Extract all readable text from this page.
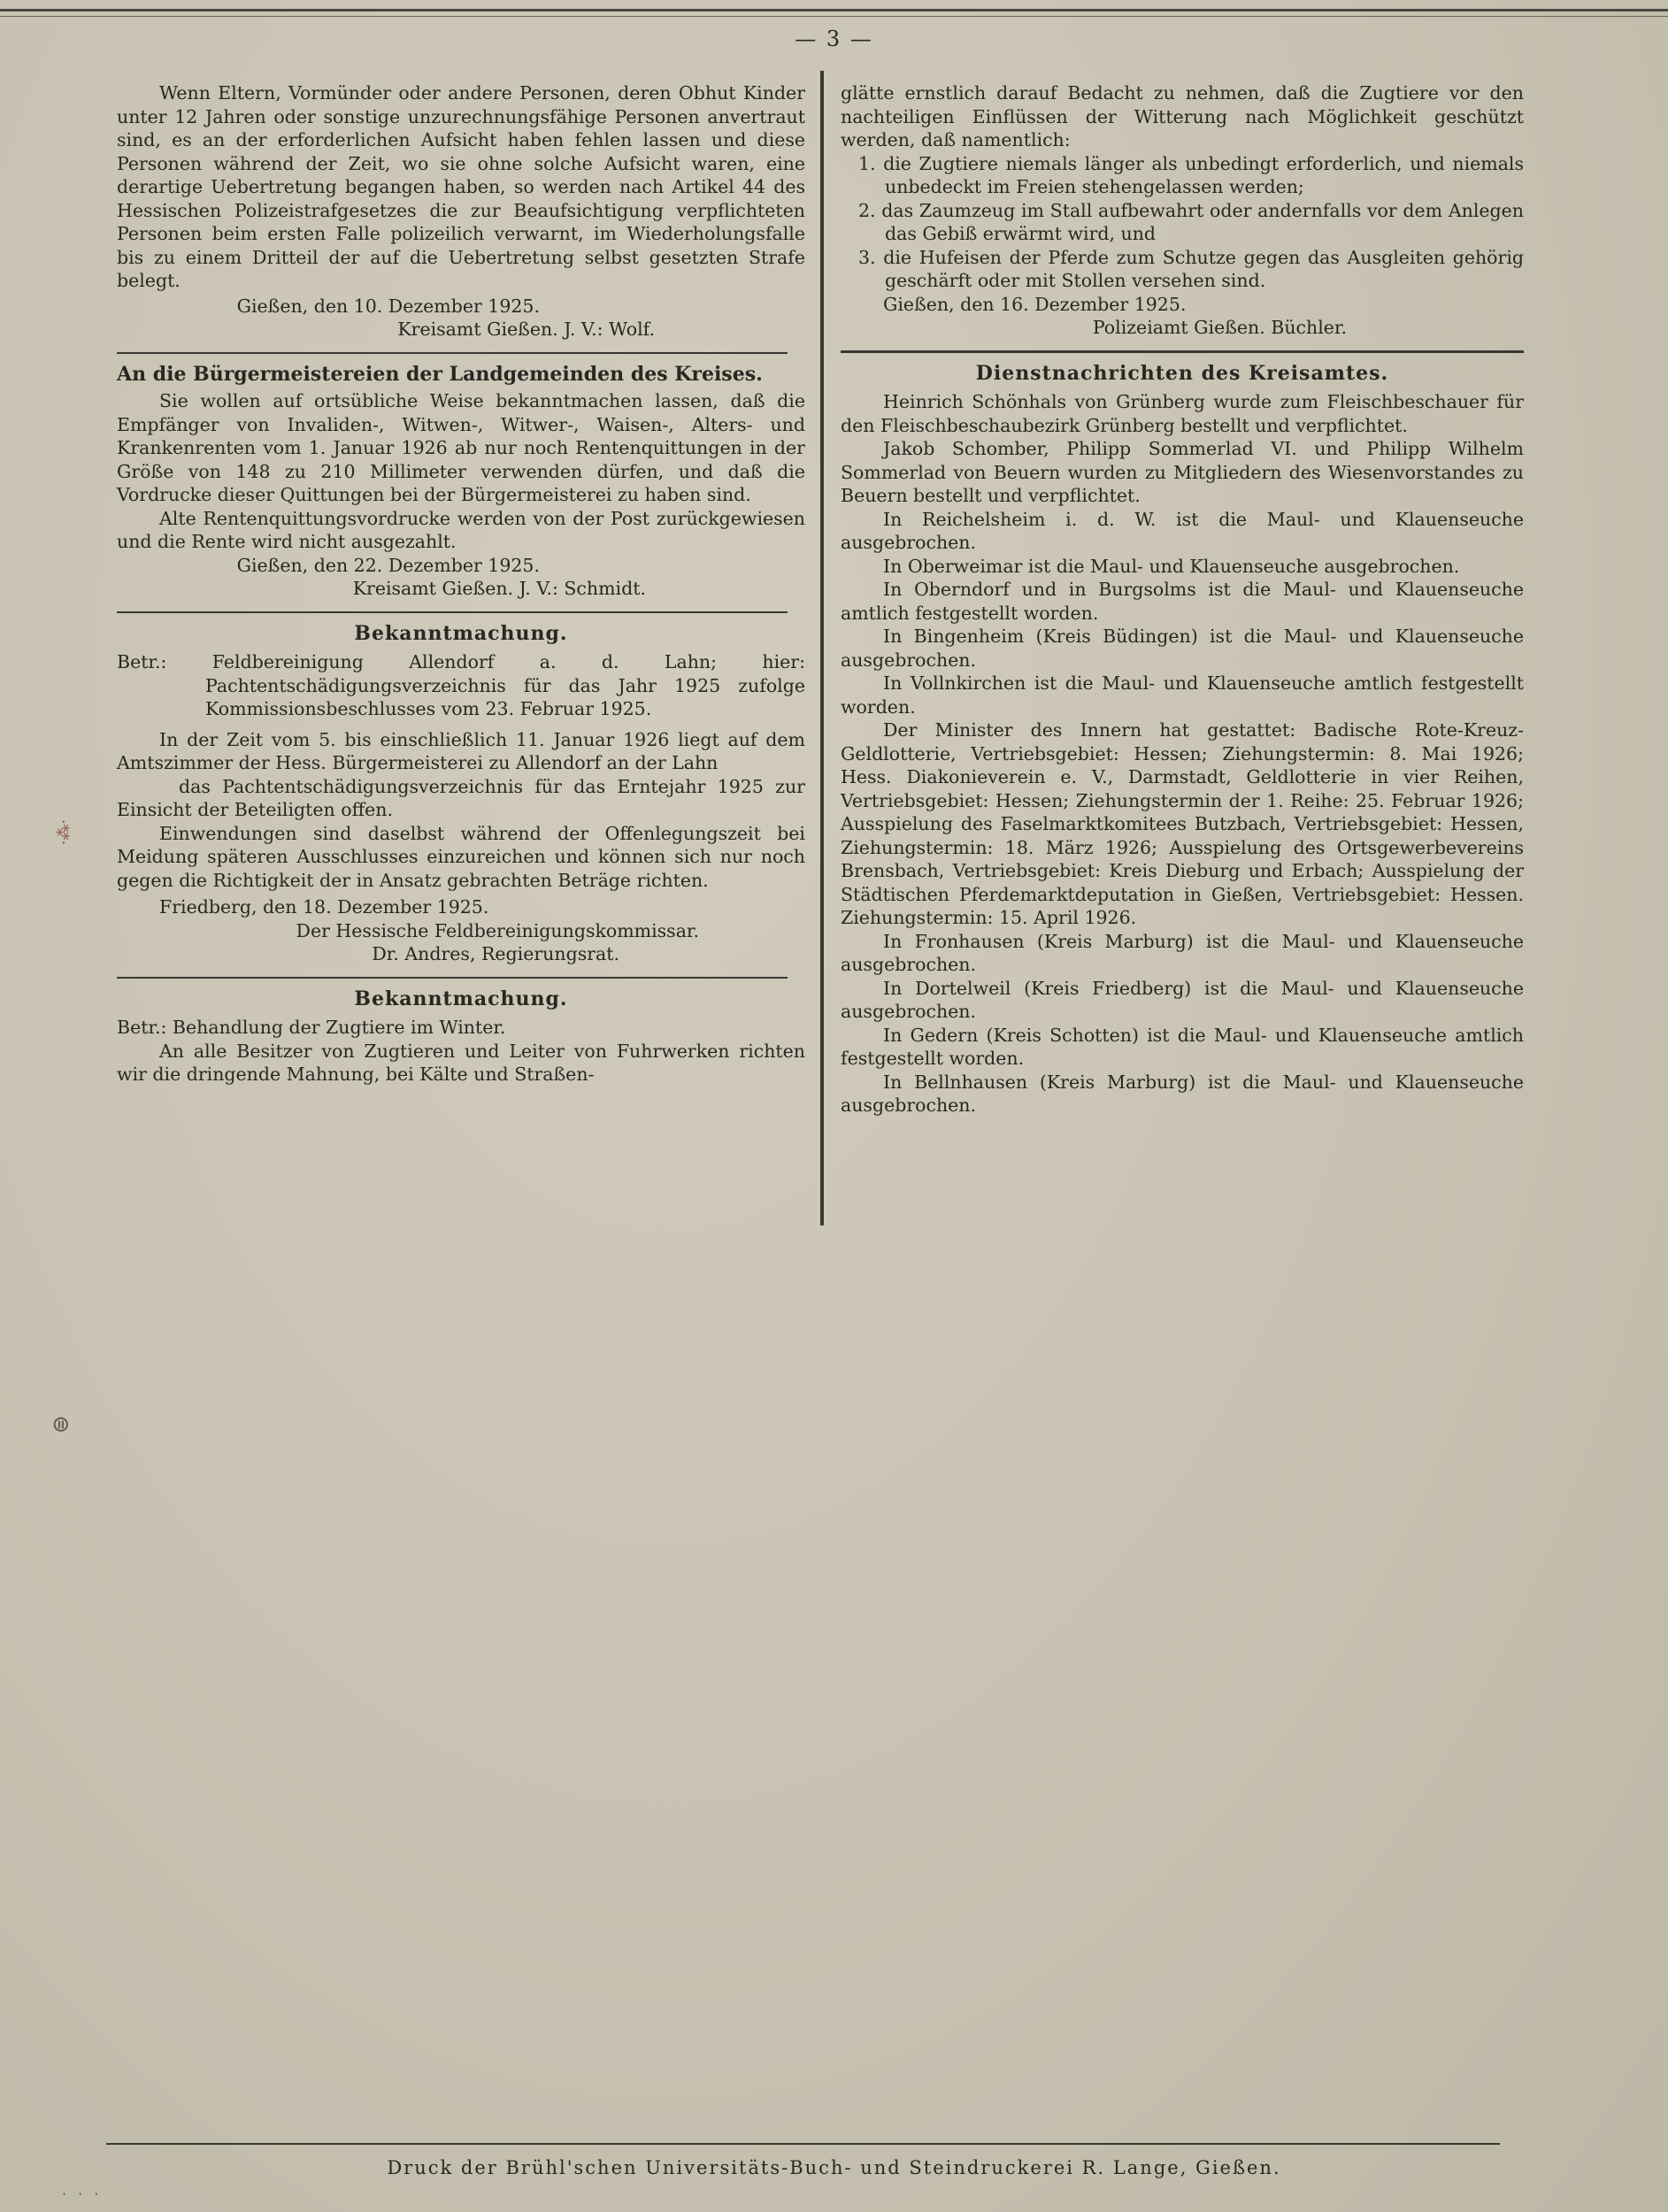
— 3 —
·⁂·
⊜

Wenn Eltern, Vormünder oder andere Personen, deren Obhut Kinder unter 12 Jahren oder sonstige unzurechnungsfähige Personen anvertraut sind, es an der erforderlichen Aufsicht haben fehlen lassen und diese Personen während der Zeit, wo sie ohne solche Aufsicht waren, eine derartige Uebertretung begangen haben, so werden nach Artikel 44 des Hessischen Polizeistrafgesetzes die zur Beaufsichtigung verpflichteten Personen beim ersten Falle polizeilich verwarnt, im Wiederholungsfalle bis zu einem Dritteil der auf die Uebertretung selbst gesetzten Strafe belegt.

Gießen, den 10. Dezember 1925.

Kreisamt Gießen. J. V.: Wolf.

An die Bürgermeistereien der Landgemeinden des Kreises.

Sie wollen auf ortsübliche Weise bekanntmachen lassen, daß die Empfänger von Invaliden-, Witwen-, Witwer-, Waisen-, Alters- und Krankenrenten vom 1. Januar 1926 ab nur noch Rentenquittungen in der Größe von 148 zu 210 Millimeter verwenden dürfen, und daß die Vordrucke dieser Quittungen bei der Bürgermeisterei zu haben sind.

Alte Rentenquittungsvordrucke werden von der Post zurückgewiesen und die Rente wird nicht ausgezahlt.

Gießen, den 22. Dezember 1925.

Kreisamt Gießen. J. V.: Schmidt.

Bekanntmachung.

Betr.: Feldbereinigung Allendorf a. d. Lahn; hier: Pachtentschädigungsverzeichnis für das Jahr 1925 zufolge Kommissionsbeschlusses vom 23. Februar 1925.

In der Zeit vom 5. bis einschließlich 11. Januar 1926 liegt auf dem Amtszimmer der Hess. Bürgermeisterei zu Allendorf an der Lahn

das Pachtentschädigungsverzeichnis für das Erntejahr 1925 zur Einsicht der Beteiligten offen.

Einwendungen sind daselbst während der Offenlegungszeit bei Meidung späteren Ausschlusses einzureichen und können sich nur noch gegen die Richtigkeit der in Ansatz gebrachten Beträge richten.

Friedberg, den 18. Dezember 1925.

Der Hessische Feldbereinigungskommissar.

Dr. Andres, Regierungsrat.

Bekanntmachung.

Betr.: Behandlung der Zugtiere im Winter.

An alle Besitzer von Zugtieren und Leiter von Fuhrwerken richten wir die dringende Mahnung, bei Kälte und Straßen-

glätte ernstlich darauf Bedacht zu nehmen, daß die Zugtiere vor den nachteiligen Einflüssen der Witterung nach Möglichkeit geschützt werden, daß namentlich:

1. die Zugtiere niemals länger als unbedingt erforderlich, und niemals unbedeckt im Freien stehengelassen werden;

2. das Zaumzeug im Stall aufbewahrt oder andernfalls vor dem Anlegen das Gebiß erwärmt wird, und

3. die Hufeisen der Pferde zum Schutze gegen das Ausgleiten gehörig geschärft oder mit Stollen versehen sind.

Gießen, den 16. Dezember 1925.

Polizeiamt Gießen. Büchler.

Dienstnachrichten des Kreisamtes.

Heinrich Schönhals von Grünberg wurde zum Fleischbeschauer für den Fleischbeschaubezirk Grünberg bestellt und verpflichtet.

Jakob Schomber, Philipp Sommerlad VI. und Philipp Wilhelm Sommerlad von Beuern wurden zu Mitgliedern des Wiesenvorstandes zu Beuern bestellt und verpflichtet.

In Reichelsheim i. d. W. ist die Maul- und Klauenseuche ausgebrochen.

In Oberweimar ist die Maul- und Klauenseuche ausgebrochen.

In Oberndorf und in Burgsolms ist die Maul- und Klauenseuche amtlich festgestellt worden.

In Bingenheim (Kreis Büdingen) ist die Maul- und Klauenseuche ausgebrochen.

In Vollnkirchen ist die Maul- und Klauenseuche amtlich festgestellt worden.

Der Minister des Innern hat gestattet: Badische Rote-Kreuz-Geldlotterie, Vertriebsgebiet: Hessen; Ziehungstermin: 8. Mai 1926; Hess. Diakonieverein e. V., Darmstadt, Geldlotterie in vier Reihen, Vertriebsgebiet: Hessen; Ziehungstermin der 1. Reihe: 25. Februar 1926; Ausspielung des Faselmarktkomitees Butzbach, Vertriebsgebiet: Hessen, Ziehungstermin: 18. März 1926; Ausspielung des Ortsgewerbevereins Brensbach, Vertriebsgebiet: Kreis Dieburg und Erbach; Ausspielung der Städtischen Pferdemarktdeputation in Gießen, Vertriebsgebiet: Hessen. Ziehungstermin: 15. April 1926.

In Fronhausen (Kreis Marburg) ist die Maul- und Klauenseuche ausgebrochen.

In Dortelweil (Kreis Friedberg) ist die Maul- und Klauenseuche ausgebrochen.

In Gedern (Kreis Schotten) ist die Maul- und Klauenseuche amtlich festgestellt worden.

In Bellnhausen (Kreis Marburg) ist die Maul- und Klauenseuche ausgebrochen.

Druck der Brühl'schen Universitäts-Buch- und Steindruckerei R. Lange, Gießen.
· · ·
